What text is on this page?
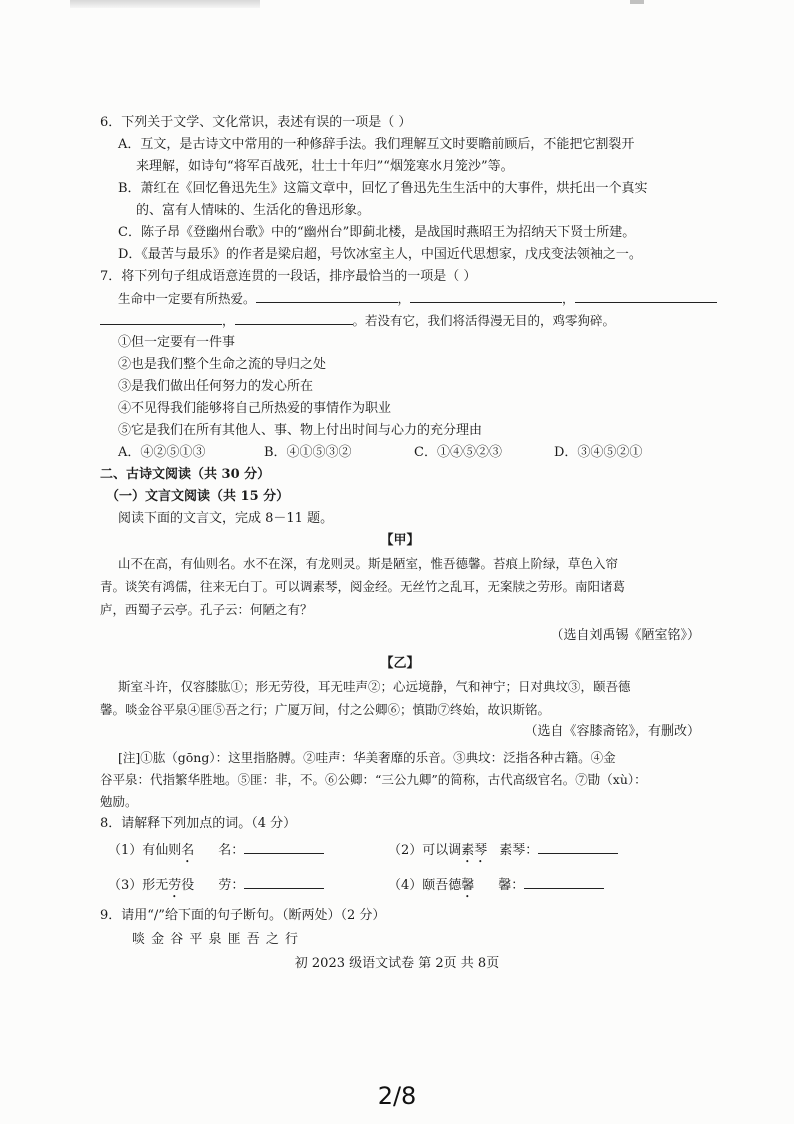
6．下列关于文学、文化常识，表述有误的一项是（ ）
A．互文，是古诗文中常用的一种修辞手法。我们理解互文时要瞻前顾后，不能把它割裂开
来理解，如诗句“将军百战死，壮士十年归”“烟笼寒水月笼沙”等。
B．萧红在《回忆鲁迅先生》这篇文章中，回忆了鲁迅先生生活中的大事件，烘托出一个真实
的、富有人情味的、生活化的鲁迅形象。
C．陈子昂《登幽州台歌》中的“幽州台”即蓟北楼，是战国时燕昭王为招纳天下贤士所建。
D．《最苦与最乐》的作者是梁启超，号饮冰室主人，中国近代思想家，戊戌变法领袖之一。
7．将下列句子组成语意连贯的一段话，排序最恰当的一项是（ ）
生命中一定要有所热爱。	，	，
，	。若没有它，我们将活得漫无目的，鸡零狗碎。
①但一定要有一件事
②也是我们整个生命之流的导归之处
③是我们做出任何努力的发心所在
④不见得我们能够将自己所热爱的事情作为职业
⑤它是我们在所有其他人、事、物上付出时间与心力的充分理由
A．④②⑤①③	B．④①⑤③②	C．①④⑤②③	D．③④⑤②①
二、古诗文阅读（共 30 分）
（一）文言文阅读（共 15 分）
阅读下面的文言文，完成 8－11 题。
【甲】
山不在高，有仙则名。水不在深，有龙则灵。斯是陋室，惟吾德馨。苔痕上阶绿，草色入帘
青。谈笑有鸿儒，往来无白丁。可以调素琴，阅金经。无丝竹之乱耳，无案牍之劳形。南阳诸葛
庐，西蜀子云亭。孔子云：何陋之有？
（选自刘禹锡《陋室铭》）
【乙】
斯室斗许，仅容膝肱①；形无劳役，耳无哇声②；心远境静，气和神宁；日对典坟③，颐吾德
馨。啖金谷平泉④匪⑤吾之行；广厦万间，付之公卿⑥；慎勖⑦终始，故识斯铭。
（选自《容膝斋铭》，有删改）
[注]①肱（gōng）：这里指胳膊。②哇声：华美奢靡的乐音。③典坟：泛指各种古籍。④金
谷平泉：代指繁华胜地。⑤匪：非，不。⑥公卿：“三公九卿”的简称，古代高级官名。⑦勖（xù）：
勉励。
8．请解释下列加点的词。（4 分）
（1）有仙则 名 名：	（2）可以调 素琴 素琴：
（3）形无 劳 役 劳：	（4）颐吾德 馨 馨：
9．请用“/”给下面的句子断句。（断两处）（2 分）
啖 金 谷 平 泉 匪 吾 之 行
初 2023 级语文试卷 第 2页 共 8页
2/8
